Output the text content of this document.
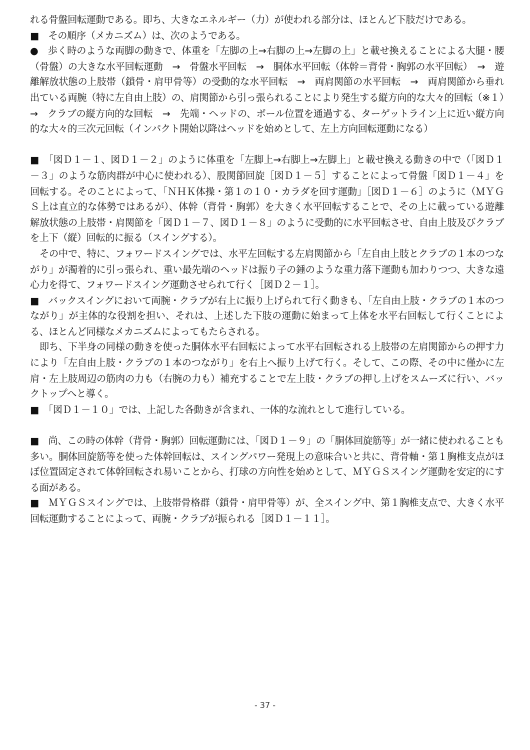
れる骨盤回転運動である。即ち、大きなエネルギー（力）が使われる部分は、ほとんど下肢だけである。

■　その順序（メカニズム）は、次のようである。

●　歩く時のような両脚の動きで、体重を「左脚の上→右脚の上→左脚の上」と載せ換えることによる大腿・腰（骨盤）の大きな水平回転運動　→　骨盤水平回転　→　胴体水平回転（体幹＝背骨・胸郭の水平回転）　→　遊離解放状態の上肢帯（鎖骨・肩甲骨等）の受動的な水平回転　→　両肩関節の水平回転　→　両肩関節から垂れ出ている両腕（特に左自由上肢）の、肩関節から引っ張られることにより発生する縦方向的な大々的回転（※１）　→　クラブの縦方向的な回転　→　先端・ヘッドの、ボール位置を通過する、ターゲットライン上に近い縦方向的な大々的三次元回転（インパクト開始以降はヘッドを始めとして、左上方向回転運動になる）

■　「図Ｄ１－１、図Ｄ１－２」のように体重を「左脚上→右脚上→左脚上」と載せ換える動きの中で（「図Ｄ１－３」のような筋肉群が中心に使われる）、股関節回旋［図Ｄ１－５］することによって骨盤「図Ｄ１－４」を回転する。そのことによって、「ＮＨＫ体操・第１の１０・カラダを回す運動」［図Ｄ１－６］のように（ＭＹＧＳ上は直立的な体勢ではあるが）、体幹（背骨・胸郭）を大きく水平回転することで、その上に載っている遊離解放状態の上肢帯・肩関節を「図Ｄ１－７、図Ｄ１－８」のように受動的に水平回転させ、自由上肢及びクラブを上下（縦）回転的に振る（スイングする）。

　その中で、特に、フォワードスイングでは、水平左回転する左肩関節から「左自由上肢とクラブの１本のつながり」が濁着的に引っ張られ、重い最先端のヘッドは振り子の錘のような重力落下運動も加わりつつ、大きな遠心力を得て、フォワードスイング運動させられて行く［図Ｄ２－１］。

■　バックスイングにおいて両腕・クラブが右上に振り上げられて行く動きも、「左自由上肢・クラブの１本のつながり」が主体的な役割を担い、それは、上述した下肢の運動に始まって上体を水平右回転して行くことによる、ほとんど同様なメカニズムによってもたらされる。

　即ち、下半身の同様の動きを使った胴体水平右回転によって水平右回転される上肢帯の左肩関節からの押す力により「左自由上肢・クラブの１本のつながり」を右上へ振り上げて行く。そして、この際、その中に僅かに左肩・左上肢周辺の筋肉の力も（右腕の力も）補充することで左上肢・クラブの押し上げをスムーズに行い、バックトップへと導く。

■　「図Ｄ１－１０」では、上記した各動きが含まれ、一体的な流れとして進行している。

■　尚、この時の体幹（背骨・胸郭）回転運動には、「図Ｄ１－９」の「胴体回旋筋等」が一緒に使われることも多い。胴体回旋筋等を使った体幹回転は、スイングパワー発現上の意味合いと共に、背骨軸・第１胸椎支点がほぼ位置固定されて体幹回転され易いことから、打球の方向性を始めとして、ＭＹＧＳスイング運動を安定的にする面がある。

■　ＭＹＧＳスイングでは、上肢帯骨格群（鎖骨・肩甲骨等）が、全スイング中、第１胸椎支点で、大きく水平回転運動することによって、両腕・クラブが振られる［図Ｄ１－１１］。

- 37 -
